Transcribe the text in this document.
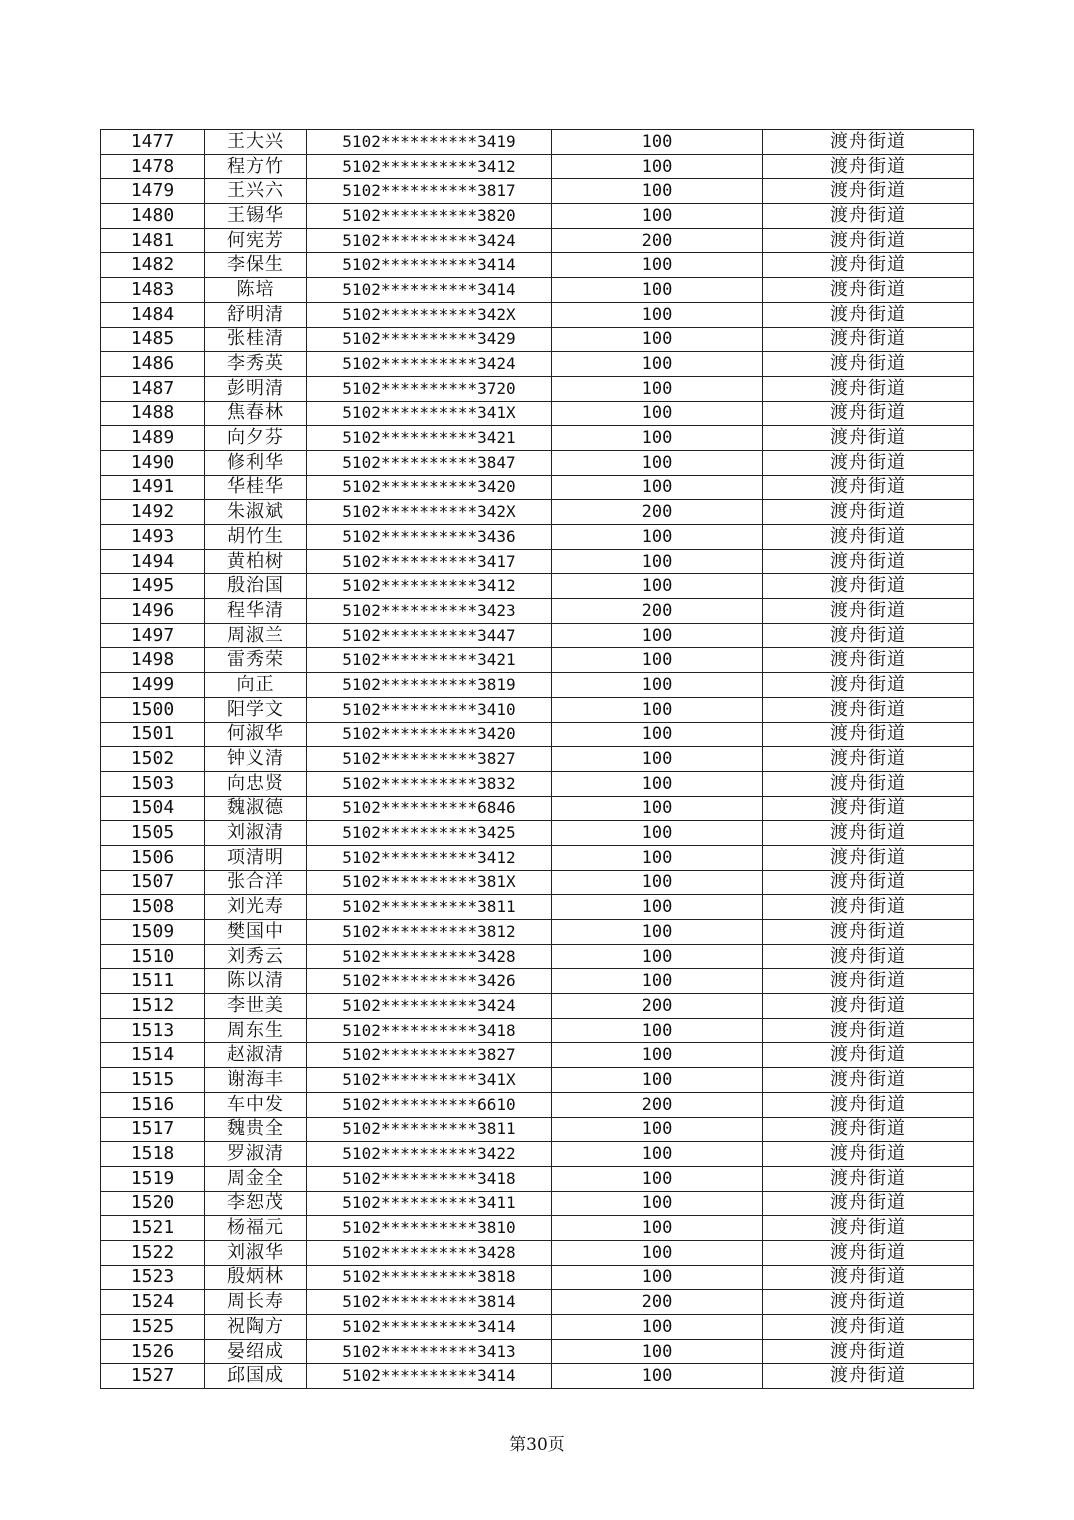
1477	王大兴	5102**********3419	100	渡舟街道
1478	程方竹	5102**********3412	100	渡舟街道
1479	王兴六	5102**********3817	100	渡舟街道
1480	王锡华	5102**********3820	100	渡舟街道
1481	何宪芳	5102**********3424	200	渡舟街道
1482	李保生	5102**********3414	100	渡舟街道
1483	陈培	5102**********3414	100	渡舟街道
1484	舒明清	5102**********342X	100	渡舟街道
1485	张桂清	5102**********3429	100	渡舟街道
1486	李秀英	5102**********3424	100	渡舟街道
1487	彭明清	5102**********3720	100	渡舟街道
1488	焦春林	5102**********341X	100	渡舟街道
1489	向夕芬	5102**********3421	100	渡舟街道
1490	修利华	5102**********3847	100	渡舟街道
1491	华桂华	5102**********3420	100	渡舟街道
1492	朱淑斌	5102**********342X	200	渡舟街道
1493	胡竹生	5102**********3436	100	渡舟街道
1494	黄柏树	5102**********3417	100	渡舟街道
1495	殷治国	5102**********3412	100	渡舟街道
1496	程华清	5102**********3423	200	渡舟街道
1497	周淑兰	5102**********3447	100	渡舟街道
1498	雷秀荣	5102**********3421	100	渡舟街道
1499	向正	5102**********3819	100	渡舟街道
1500	阳学文	5102**********3410	100	渡舟街道
1501	何淑华	5102**********3420	100	渡舟街道
1502	钟义清	5102**********3827	100	渡舟街道
1503	向忠贤	5102**********3832	100	渡舟街道
1504	魏淑德	5102**********6846	100	渡舟街道
1505	刘淑清	5102**********3425	100	渡舟街道
1506	项清明	5102**********3412	100	渡舟街道
1507	张合洋	5102**********381X	100	渡舟街道
1508	刘光寿	5102**********3811	100	渡舟街道
1509	樊国中	5102**********3812	100	渡舟街道
1510	刘秀云	5102**********3428	100	渡舟街道
1511	陈以清	5102**********3426	100	渡舟街道
1512	李世美	5102**********3424	200	渡舟街道
1513	周东生	5102**********3418	100	渡舟街道
1514	赵淑清	5102**********3827	100	渡舟街道
1515	谢海丰	5102**********341X	100	渡舟街道
1516	车中发	5102**********6610	200	渡舟街道
1517	魏贵全	5102**********3811	100	渡舟街道
1518	罗淑清	5102**********3422	100	渡舟街道
1519	周金全	5102**********3418	100	渡舟街道
1520	李恕茂	5102**********3411	100	渡舟街道
1521	杨福元	5102**********3810	100	渡舟街道
1522	刘淑华	5102**********3428	100	渡舟街道
1523	殷炳林	5102**********3818	100	渡舟街道
1524	周长寿	5102**********3814	200	渡舟街道
1525	祝陶方	5102**********3414	100	渡舟街道
1526	晏绍成	5102**********3413	100	渡舟街道
1527	邱国成	5102**********3414	100	渡舟街道
第30页
